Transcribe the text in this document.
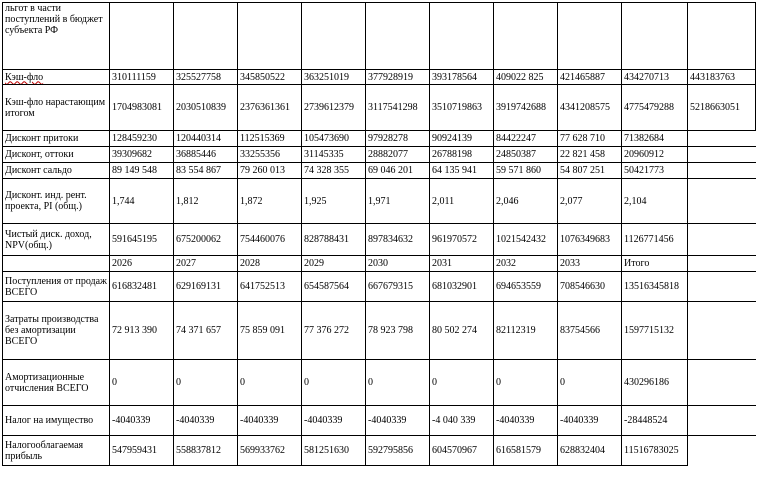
льгот в части поступлений в бюджет субъекта РФ										
Кэш-фло	310111159	325527758	345850522	363251019	377928919	393178564	409022 825	421465887	434270713	443183763
Кэш-фло нарастающим итогом	1704983081	2030510839	2376361361	2739612379	3117541298	3510719863	3919742688	4341208575	4775479288	5218663051
Дисконт притоки	128459230	120440314	112515369	105473690	97928278	90924139	84422247	77 628 710	71382684	
Дисконт, оттоки	39309682	36885446	33255356	31145335	28882077	26788198	24850387	22 821 458	20960912	
Дисконт сальдо	89 149 548	83 554 867	79 260 013	74 328 355	69 046 201	64 135 941	59 571 860	54 807 251	50421773	
Дисконт. инд. рент. проекта, PI (общ.)	1,744	1,812	1,872	1,925	1,971	2,011	2,046	2,077	2,104	
Чистый диск. доход, NPV(общ.)	591645195	675200062	754460076	828788431	897834632	961970572	1021542432	1076349683	1126771456	
	2026	2027	2028	2029	2030	2031	2032	2033	Итого	
Поступления от продаж ВСЕГО	616832481	629169131	641752513	654587564	667679315	681032901	694653559	708546630	13516345818	
Затраты производства без амортизации ВСЕГО	72 913 390	74 371 657	75 859 091	77 376 272	78 923 798	80 502 274	82112319	83754566	1597715132	
Амортизационные отчисления ВСЕГО	0	0	0	0	0	0	0	0	430296186	
Налог на имущество	-4040339	-4040339	-4040339	-4040339	-4040339	-4 040 339	-4040339	-4040339	-28448524	
Налогооблагаемая прибыль	547959431	558837812	569933762	581251630	592795856	604570967	616581579	628832404	11516783025	
